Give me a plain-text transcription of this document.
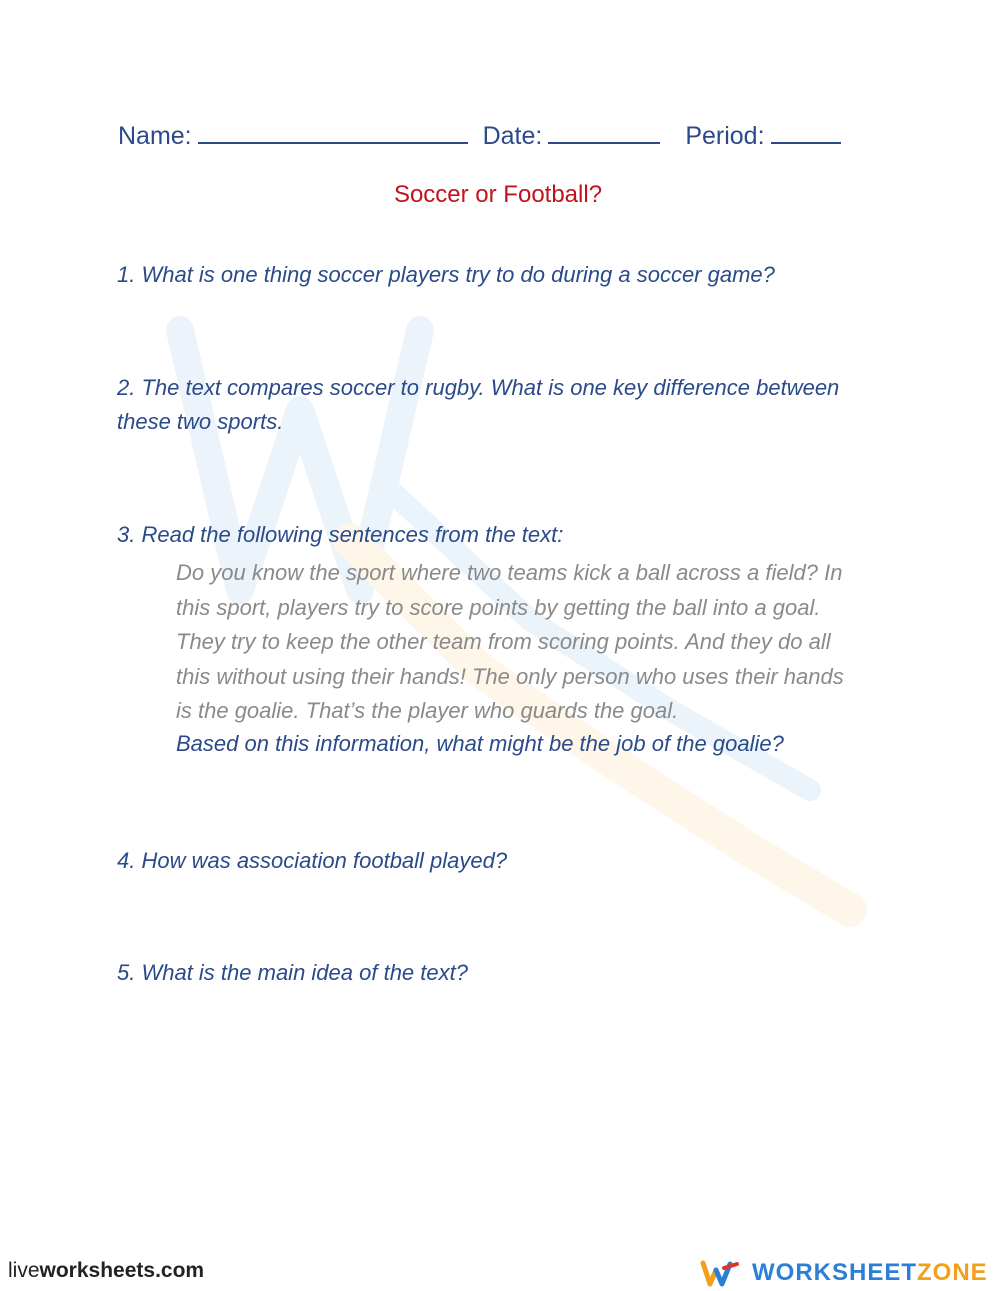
Name:	Date:	Period:
Soccer or Football?
1. What is one thing soccer players try to do during a soccer game?
2. The text compares soccer to rugby. What is one key difference between
these two sports.
3. Read the following sentences from the text:
Do you know the sport where two teams kick a ball across a field? In
this sport, players try to score points by getting the ball into a goal.
They try to keep the other team from scoring points. And they do all
this without using their hands! The only person who uses their hands
is the goalie. That’s the player who guards the goal.
Based on this information, what might be the job of the goalie?
4. How was association football played?
5. What is the main idea of the text?
liveworksheets.com	WORKSHEETZONE
